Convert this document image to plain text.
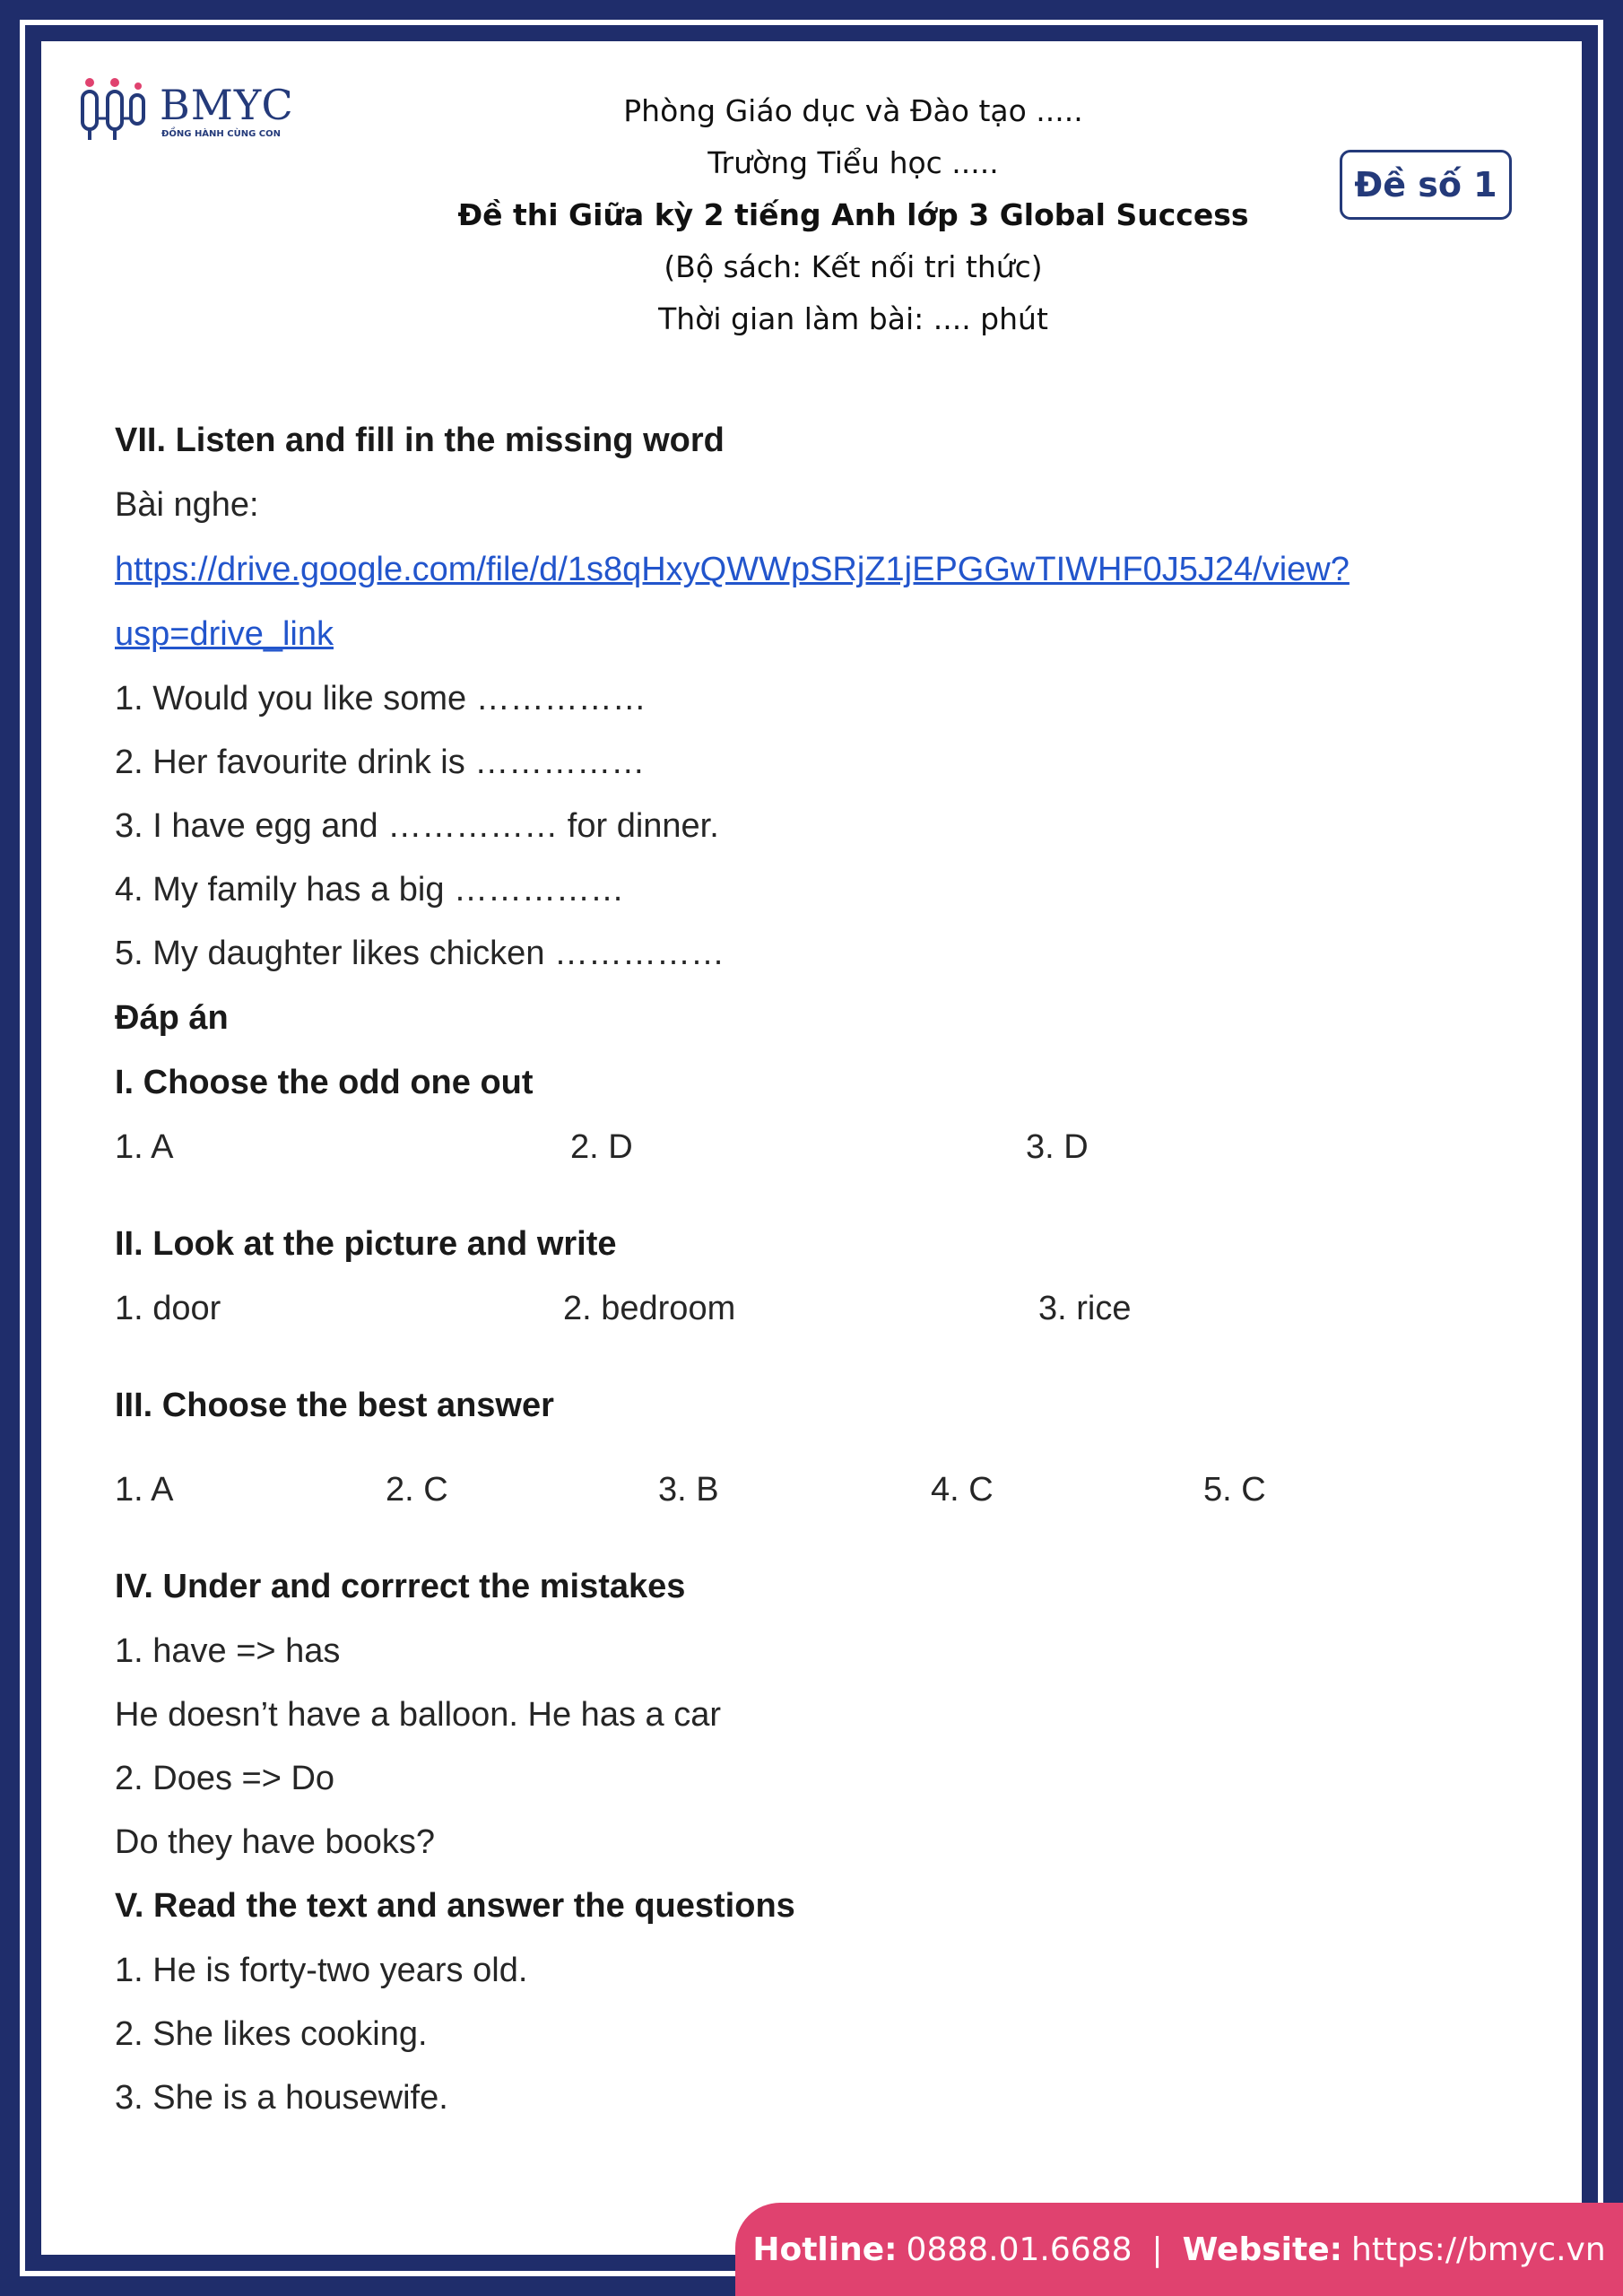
BMYC
ĐỒNG HÀNH CÙNG CON
Phòng Giáo dục và Đào tạo .....
Trường Tiểu học .....
Đề thi Giữa kỳ 2 tiếng Anh lớp 3 Global Success
(Bộ sách: Kết nối tri thức)
Thời gian làm bài: .... phút
Đề số 1
VII. Listen and fill in the missing word
Bài nghe:
https://drive.google.com/file/d/1s8qHxyQWWpSRjZ1jEPGGwTIWHF0J5J24/view?
usp=drive_link
1. Would you like some ……………
2. Her favourite drink is ……………
3. I have egg and …………… for dinner.
4. My family has a big ……………
5. My daughter likes chicken ……………
Đáp án
I. Choose the odd one out
1. A	2. D	3. D
II. Look at the picture and write
1. door	2. bedroom	3. rice
III. Choose the best answer
1. A	2. C	3. B	4. C	5. C
IV. Under and corrrect the mistakes
1. have => has
He doesn’t have a balloon. He has a car
2. Does => Do
Do they have books?
V. Read the text and answer the questions
1. He is forty-two years old.
2. She likes cooking.
3. She is a housewife.
Hotline: 0888.01.6688 | Website: https://bmyc.vn
